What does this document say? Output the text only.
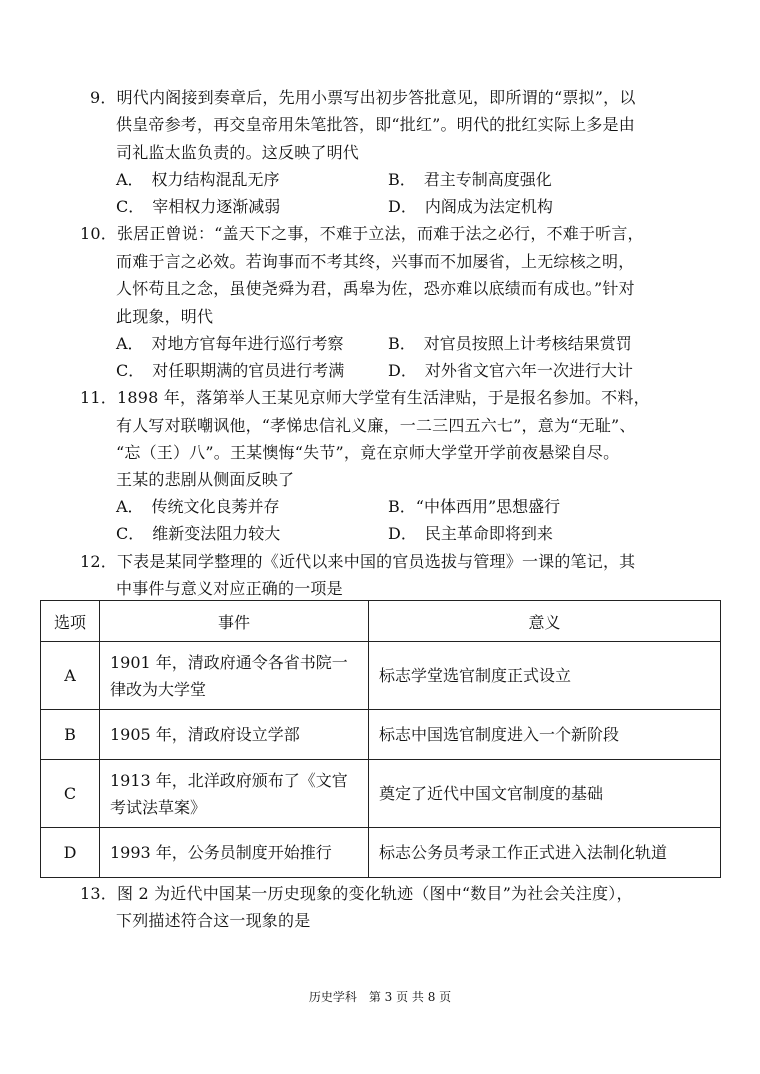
9．明代内阁接到奏章后，先用小票写出初步答批意见，即所谓的“票拟”，以
供皇帝参考，再交皇帝用朱笔批答，即“批红”。明代的批红实际上多是由
司礼监太监负责的。这反映了明代
A．　权力结构混乱无序	B．　君主专制高度强化
C．　宰相权力逐渐减弱	D．　内阁成为法定机构
10．张居正曾说：“盖天下之事，不难于立法，而难于法之必行，不难于听言，
而难于言之必效。若询事而不考其终，兴事而不加屡省，上无综核之明，
人怀苟且之念，虽使尧舜为君，禹皋为佐，恐亦难以底绩而有成也。”针对
此现象，明代
A．　对地方官每年进行巡行考察	B．　对官员按照上计考核结果赏罚
C．　对任职期满的官员进行考满	D．　对外省文官六年一次进行大计
11．1898 年，落第举人王某见京师大学堂有生活津贴，于是报名参加。不料，
有人写对联嘲讽他，“孝悌忠信礼义廉，一二三四五六七”，意为“无耻”、
“忘（王）八”。王某懊悔“失节”，竟在京师大学堂开学前夜悬梁自尽。
王某的悲剧从侧面反映了
A．　传统文化良莠并存	B．“中体西用”思想盛行
C．　维新变法阻力较大	D．　民主革命即将到来
12．下表是某同学整理的《近代以来中国的官员选拔与管理》一课的笔记，其
中事件与意义对应正确的一项是
选项	事件	意义
A	1901 年，清政府通令各省书院一
律改为大学堂	标志学堂选官制度正式设立
B	1905 年，清政府设立学部	标志中国选官制度进入一个新阶段
C	1913 年，北洋政府颁布了《文官
考试法草案》	奠定了近代中国文官制度的基础
D	1993 年，公务员制度开始推行	标志公务员考录工作正式进入法制化轨道
13．图 2 为近代中国某一历史现象的变化轨迹（图中“数目”为社会关注度），
下列描述符合这一现象的是
历史学科　第 3 页 共 8 页
